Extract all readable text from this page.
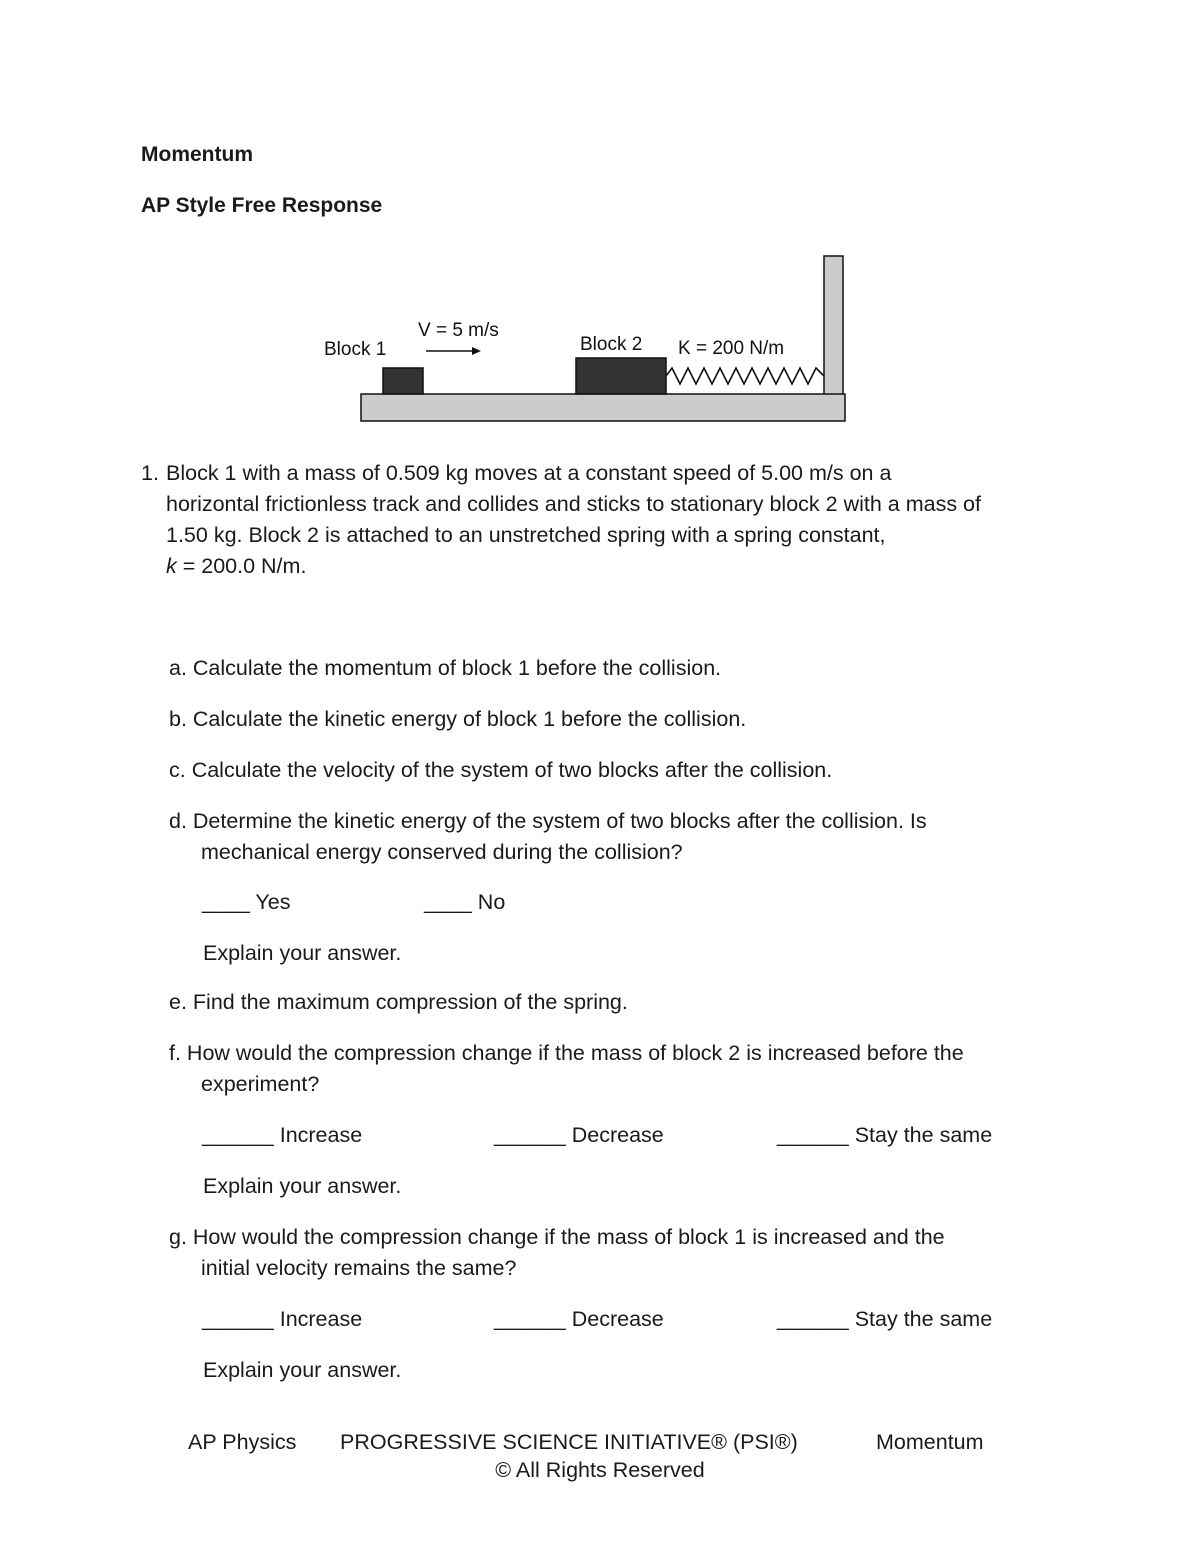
Momentum
AP Style Free Response
Block 1
V = 5 m/s
Block 2 K = 200 N/m
1. Block 1 with a mass of 0.509 kg moves at a constant speed of 5.00 m/s on a
horizontal frictionless track and collides and sticks to stationary block 2 with a mass of
1.50 kg. Block 2 is attached to an unstretched spring with a spring constant,
k = 200.0 N/m.
a. Calculate the momentum of block 1 before the collision.
b. Calculate the kinetic energy of block 1 before the collision.
c. Calculate the velocity of the system of two blocks after the collision.
d. Determine the kinetic energy of the system of two blocks after the collision. Is
mechanical energy conserved during the collision?
____ Yes	____ No
Explain your answer.
e. Find the maximum compression of the spring.
f. How would the compression change if the mass of block 2 is increased before the
experiment?
______ Increase	______ Decrease	______ Stay the same
Explain your answer.
g. How would the compression change if the mass of block 1 is increased and the
initial velocity remains the same?
______ Increase	______ Decrease	______ Stay the same
Explain your answer.
AP Physics PROGRESSIVE SCIENCE INITIATIVE® (PSI®)	Momentum
© All Rights Reserved
